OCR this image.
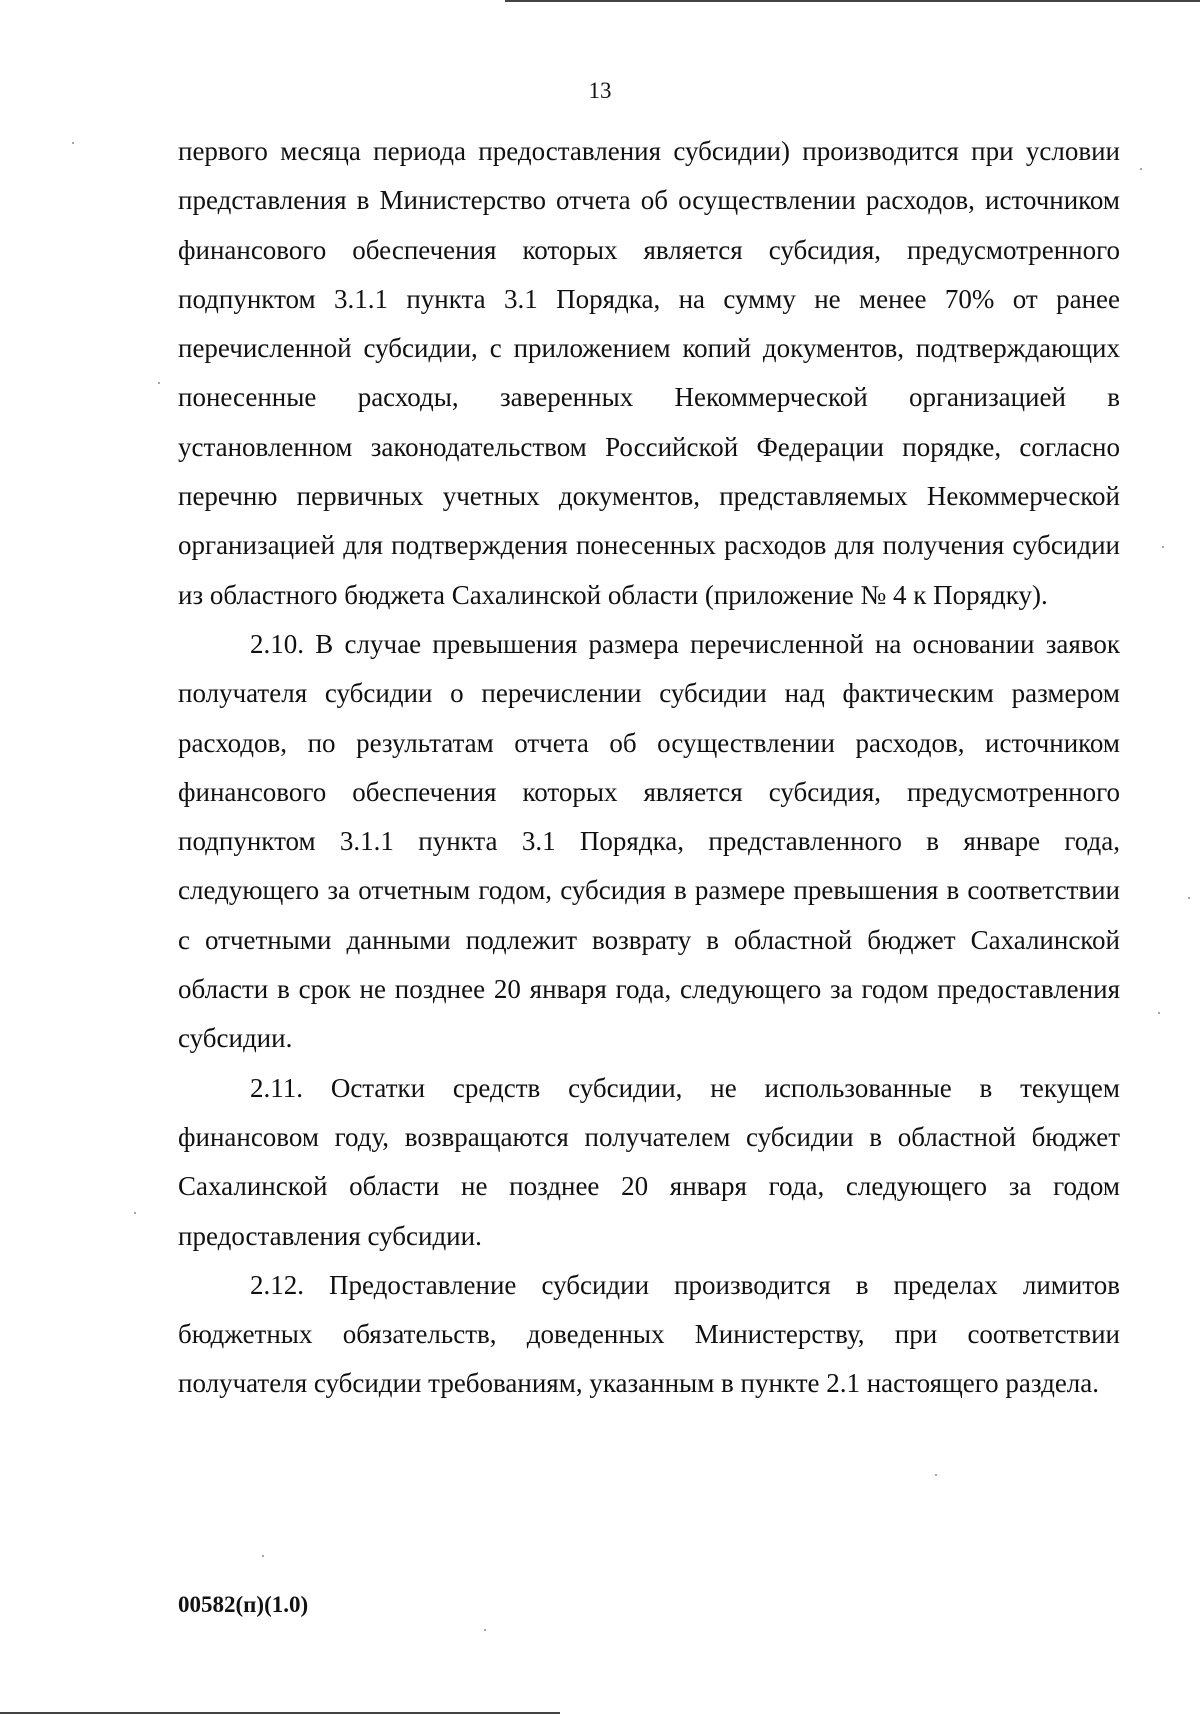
13

первого месяца периода предоставления субсидии) производится при условии представления в Министерство отчета об осуществлении расходов, источником финансового обеспечения которых является субсидия, предусмотренного подпунктом 3.1.1 пункта 3.1 Порядка, на сумму не менее 70% от ранее перечисленной субсидии, с приложением копий документов, подтверждающих понесенные расходы, заверенных Некоммерческой организацией в установленном законодательством Российской Федерации порядке, согласно перечню первичных учетных документов, представляемых Некоммерческой организацией для подтверждения понесенных расходов для получения субсидии из областного бюджета Сахалинской области (приложение № 4 к Порядку).

2.10. В случае превышения размера перечисленной на основании заявок получателя субсидии о перечислении субсидии над фактическим размером расходов, по результатам отчета об осуществлении расходов, источником финансового обеспечения которых является субсидия, предусмотренного подпунктом 3.1.1 пункта 3.1 Порядка, представленного в январе года, следующего за отчетным годом, субсидия в размере превышения в соответствии с отчетными данными подлежит возврату в областной бюджет Сахалинской области в срок не позднее 20 января года, следующего за годом предоставления субсидии.

2.11. Остатки средств субсидии, не использованные в текущем финансовом году, возвращаются получателем субсидии в областной бюджет Сахалинской области не позднее 20 января года, следующего за годом предоставления субсидии.

2.12. Предоставление субсидии производится в пределах лимитов бюджетных обязательств, доведенных Министерству, при соответствии получателя субсидии требованиям, указанным в пункте 2.1 настоящего раздела.

00582(п)(1.0)
